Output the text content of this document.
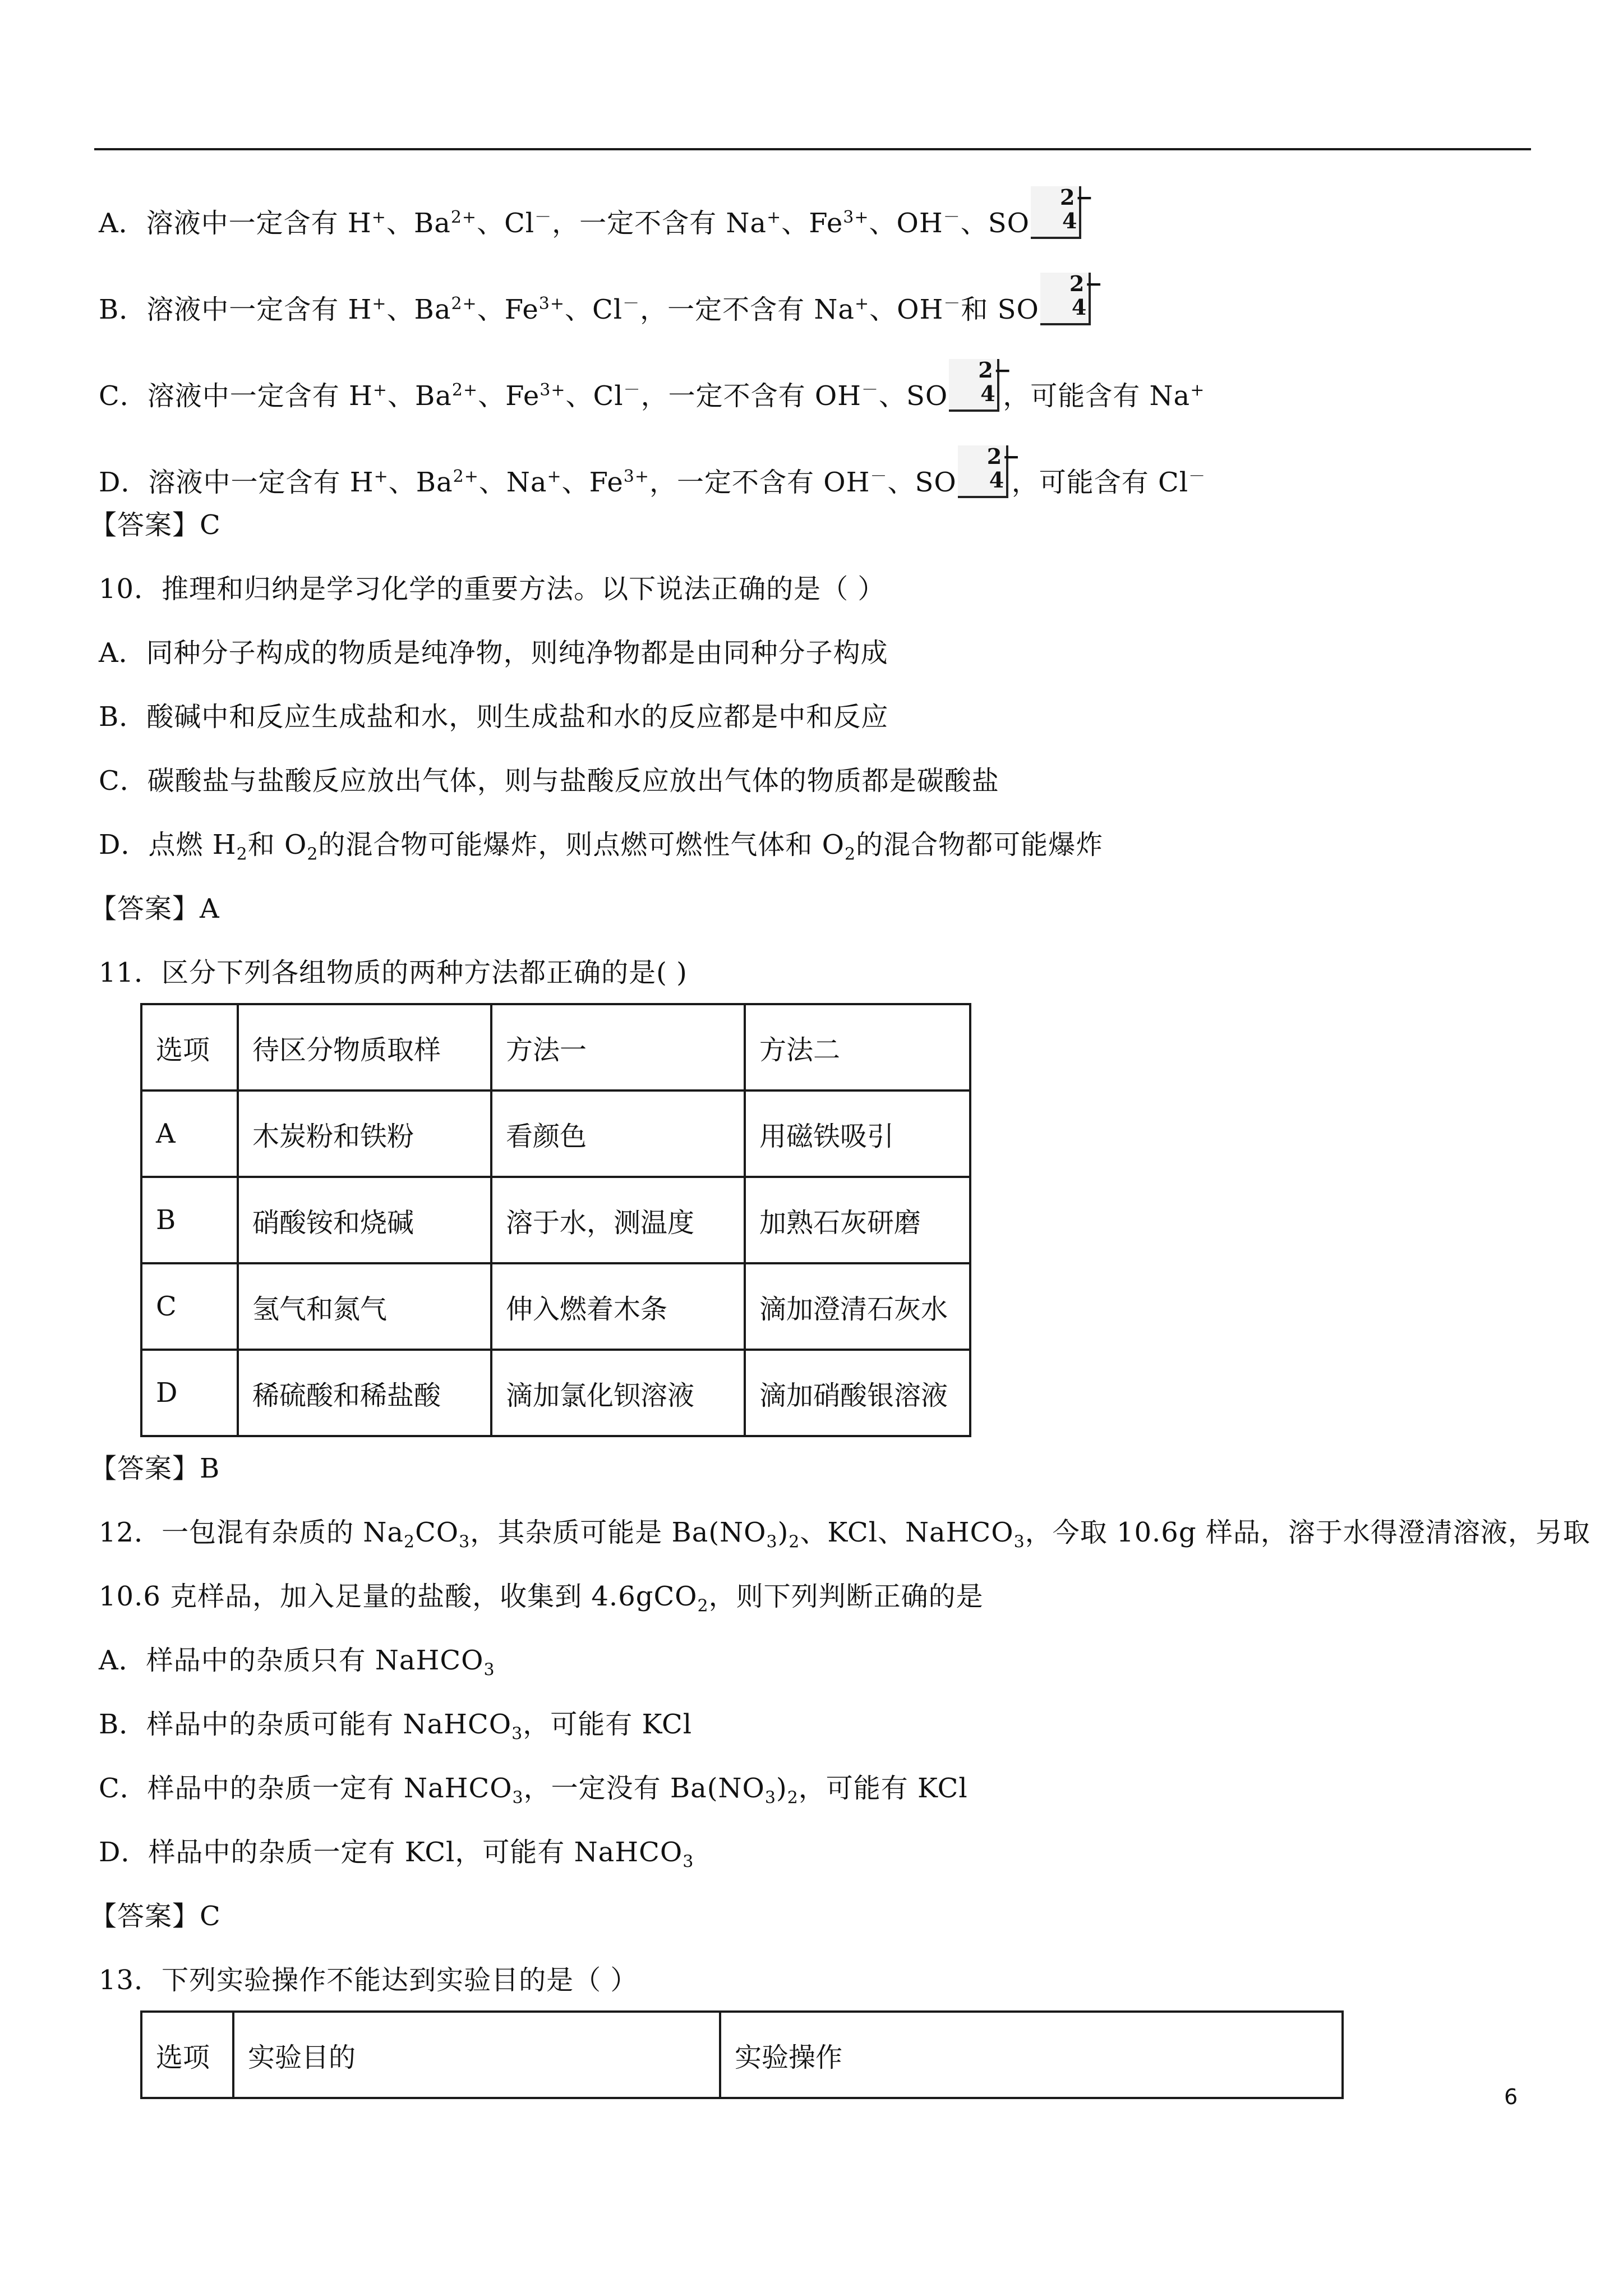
A．溶液中一定含有 H+、$Ba^{2+}$、Cl－，一定不含有 Na+、$Fe^{3+}$、OH－、SO
2−
4
B．溶液中一定含有 H+、$Ba^{2+}$、$Fe^{3+}$、Cl－，一定不含有 Na+、OH－和 SO
2−
4
C．溶液中一定含有 H+、$Ba^{2+}$、$Fe^{3+}$、Cl－，一定不含有 OH－、SO
2−
4 ，可能含有 Na+
D．溶液中一定含有 H+、$Ba^{2+}$、Na+、$Fe^{3+}$，一定不含有 OH－、SO
2−
4 ，可能含有 Cl－
【答案】C
10．推理和归纳是学习化学的重要方法。以下说法正确的是（ ）
A．同种分子构成的物质是纯净物，则纯净物都是由同种分子构成
B．酸碱中和反应生成盐和水，则生成盐和水的反应都是中和反应
C．碳酸盐与盐酸反应放出气体，则与盐酸反应放出气体的物质都是碳酸盐
D．点燃 $H_2$和 $O_2$的混合物可能爆炸，则点燃可燃性气体和 $O_2$的混合物都可能爆炸
【答案】A
11．区分下列各组物质的两种方法都正确的是( )
选项	待区分物质取样	方法一	方法二
A	木炭粉和铁粉	看颜色	用磁铁吸引
B	硝酸铵和烧碱	溶于水，测温度	加熟石灰研磨
C	氢气和氮气	伸入燃着木条	滴加澄清石灰水
D	稀硫酸和稀盐酸	滴加氯化钡溶液	滴加硝酸银溶液
【答案】B
12．一包混有杂质的 $Na_2CO_3$，其杂质可能是 $Ba(NO_3)_2$、KCl、NaHCO$_3$，今取 10.6g 样品，溶于水得澄清溶液，另取
10.6 克样品，加入足量的盐酸，收集到 4.6gCO$_2$，则下列判断正确的是
A．样品中的杂质只有 NaHCO$_3$
B．样品中的杂质可能有 NaHCO$_3$，可能有 KCl
C．样品中的杂质一定有 NaHCO$_3$，一定没有 $Ba(NO_3)_2$，可能有 KCl
D．样品中的杂质一定有 KCl，可能有 NaHCO$_3$
【答案】C
13．下列实验操作不能达到实验目的是（ ）
选项	实验目的	实验操作
6
